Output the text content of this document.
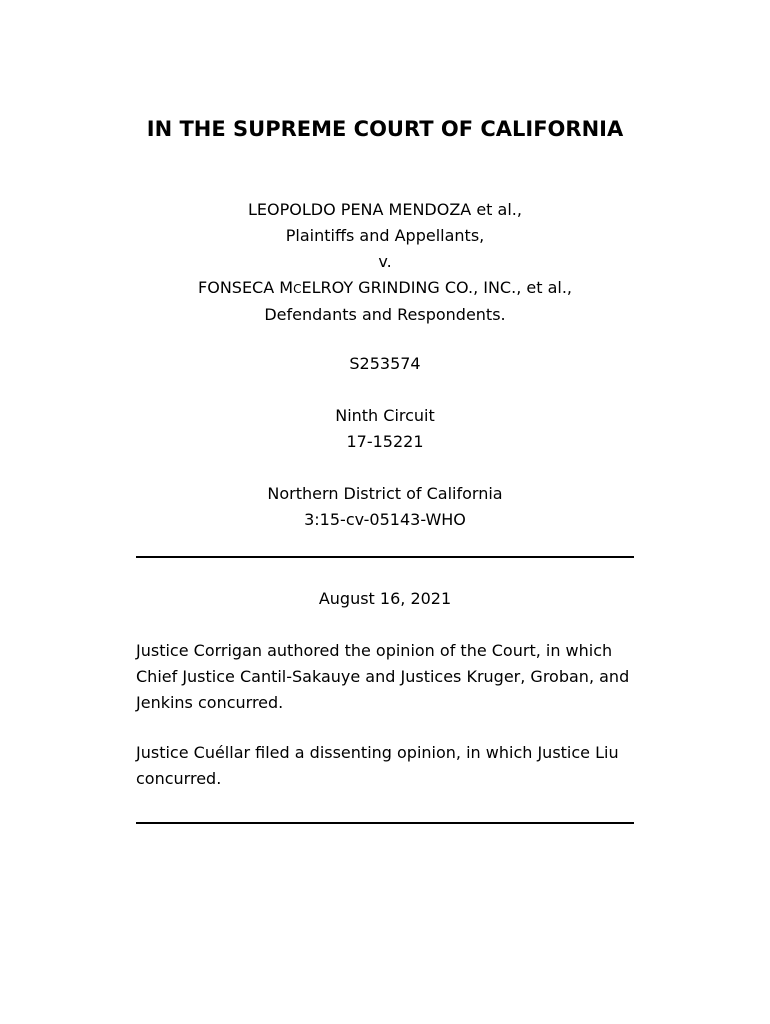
IN THE SUPREME COURT OF CALIFORNIA
LEOPOLDO PENA MENDOZA et al.,
Plaintiffs and Appellants,
v.
FONSECA MCELROY GRINDING CO., INC., et al.,
Defendants and Respondents.
S253574
Ninth Circuit
17-15221
Northern District of California
3:15-cv-05143-WHO
August 16, 2021
Justice Corrigan authored the opinion of the Court, in which Chief Justice Cantil-Sakauye and Justices Kruger, Groban, and Jenkins concurred.
Justice Cuéllar filed a dissenting opinion, in which Justice Liu concurred.
